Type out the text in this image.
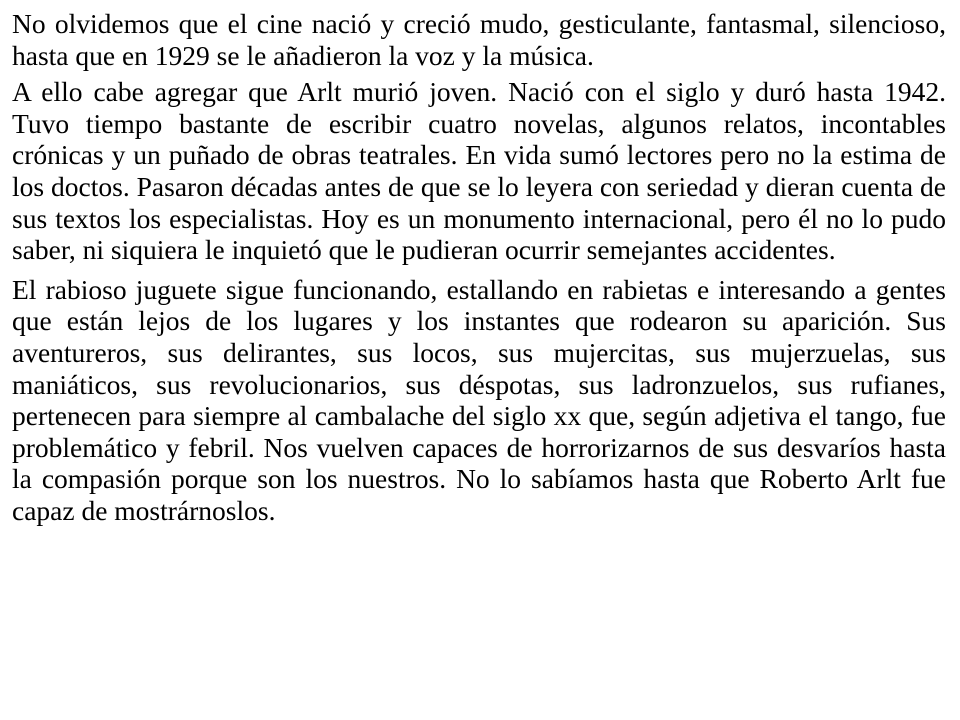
No olvidemos que el cine nació y creció mudo, gesticulante, fantasmal, silencioso, hasta que en 1929 se le añadieron la voz y la música.

A ello cabe agregar que Arlt murió joven. Nació con el siglo y duró hasta 1942. Tuvo tiempo bastante de escribir cuatro novelas, algunos relatos, incontables crónicas y un puñado de obras teatrales. En vida sumó lectores pero no la estima de los doctos. Pasaron décadas antes de que se lo leyera con seriedad y dieran cuenta de sus textos los especialistas. Hoy es un monumento internacional, pero él no lo pudo saber, ni siquiera le inquietó que le pudieran ocurrir semejantes accidentes.

El rabioso juguete sigue funcionando, estallando en rabietas e interesando a gentes que están lejos de los lugares y los instantes que rodearon su aparición. Sus aventureros, sus delirantes, sus locos, sus mujercitas, sus mujerzuelas, sus maniáticos, sus revolucionarios, sus déspotas, sus ladronzuelos, sus rufianes, pertenecen para siempre al cambalache del siglo xx que, según adjetiva el tango, fue problemático y febril. Nos vuelven capaces de horrorizarnos de sus desvaríos hasta la compasión porque son los nuestros. No lo sabíamos hasta que Roberto Arlt fue capaz de mostrárnoslos.
